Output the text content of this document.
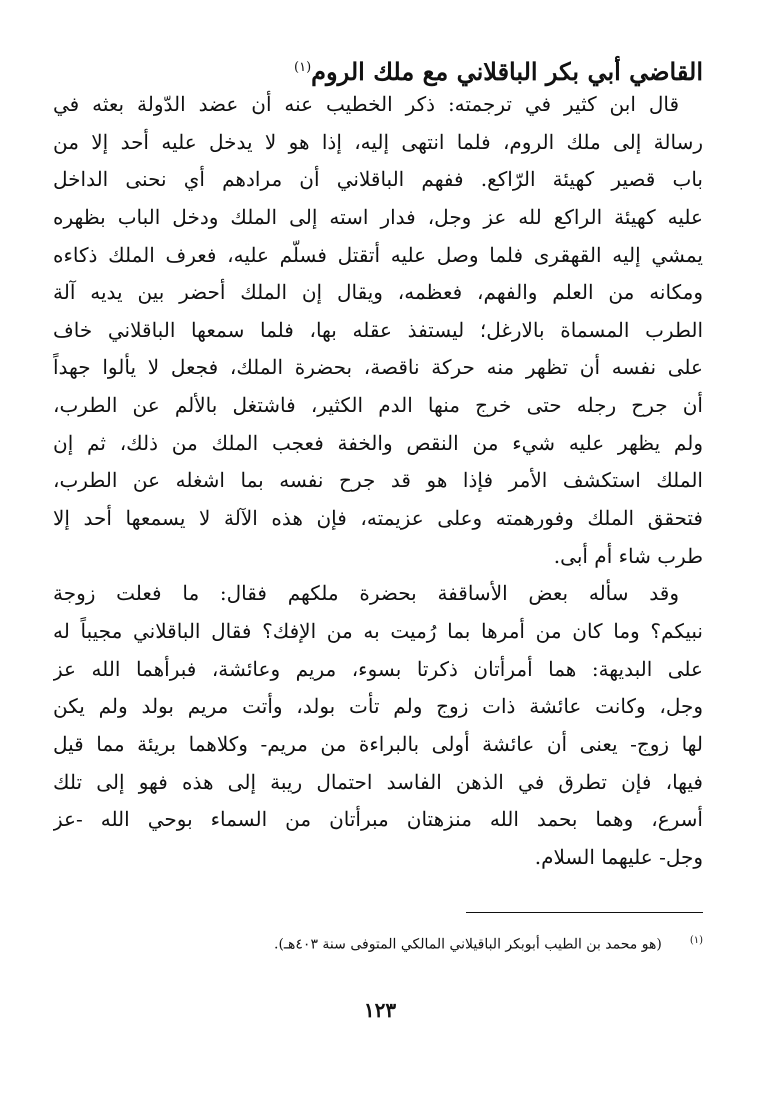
القاضي أبي بكر الباقلاني مع ملك الروم$^{(١)}$
قال ابن كثير في ترجمته: ذكر الخطيب عنه أن عضد الدّولة بعثه في
رسالة إلى ملك الروم، فلما انتهى إليه، إذا هو لا يدخل عليه أحد إلا من
باب قصير كهيئة الرّاكع. ففهم الباقلاني أن مرادهم أي نحنى الداخل
عليه كهيئة الراكع لله عز وجل، فدار استه إلى الملك ودخل الباب بظهره
يمشي إليه القهقرى فلما وصل عليه أتقتل فسلّم عليه، فعرف الملك ذكاءه
ومكانه من العلم والفهم، فعظمه، ويقال إن الملك أحضر بين يديه آلة
الطرب المسماة بالارغل؛ ليستفذ عقله بها، فلما سمعها الباقلاني خاف
على نفسه أن تظهر منه حركة ناقصة، بحضرة الملك، فجعل لا يألوا جهداً
أن جرح رجله حتى خرج منها الدم الكثير، فاشتغل بالألم عن الطرب،
ولم يظهر عليه شيء من النقص والخفة فعجب الملك من ذلك، ثم إن
الملك استكشف الأمر فإذا هو قد جرح نفسه بما اشغله عن الطرب،
فتحقق الملك وفورهمته وعلى عزيمته، فإن هذه الآلة لا يسمعها أحد إلا
طرب شاء أم أبى.
وقد سأله بعض الأساقفة بحضرة ملكهم فقال: ما فعلت زوجة
نبيكم؟ وما كان من أمرها بما رُميت به من الإفك؟ فقال الباقلاني مجيباً له
على البديهة: هما أمرأتان ذكرتا بسوء، مريم وعائشة، فبرأهما الله عز
وجل، وكانت عائشة ذات زوج ولم تأت بولد، وأتت مريم بولد ولم يكن
لها زوج- يعنى أن عائشة أولى بالبراءة من مريم- وكلاهما بريئة مما قيل
فيها، فإن تطرق في الذهن الفاسد احتمال ريبة إلى هذه فهو إلى تلك
أسرع، وهما بحمد الله منزهتان مبرأتان من السماء بوحي الله -عز
وجل- عليهما السلام.
(١)(هو محمد بن الطيب أبوبكر الباقيلاني المالكي المتوفى سنة ٤٠٣هـ).
١٢٣
